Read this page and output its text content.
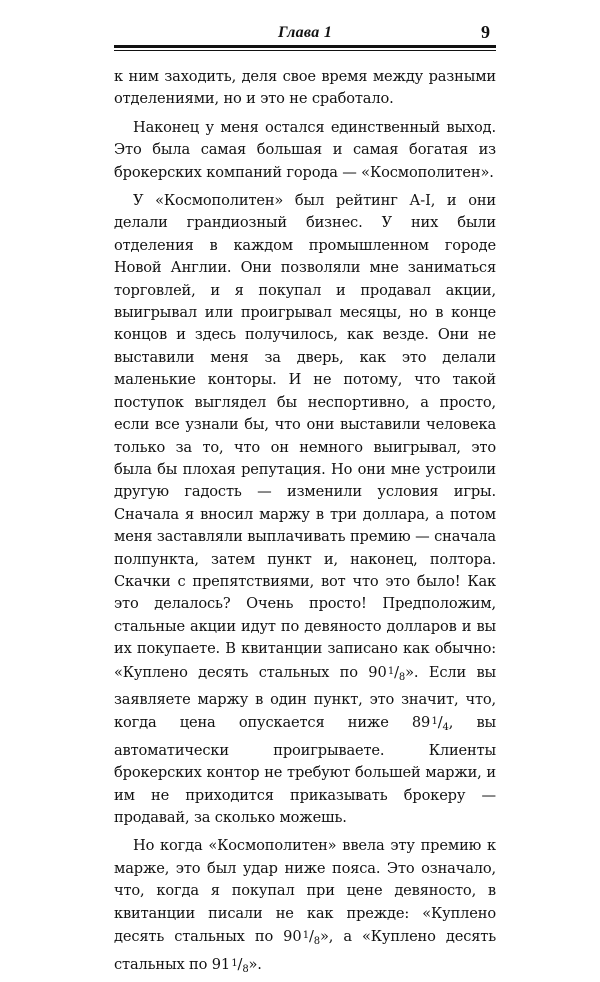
Глава 1	9

к ним заходить, деля свое время между разными отделениями, но и это не сработало.

Наконец у меня остался единственный выход. Это была самая большая и самая богатая из брокерских компаний города — «Космополитен».

У «Космополитен» был рейтинг А-I, и они делали грандиозный бизнес. У них были отделения в каждом промышленном городе Новой Англии. Они позволяли мне заниматься торговлей, и я покупал и продавал акции, выигрывал или проигрывал месяцы, но в конце концов и здесь получилось, как везде. Они не выставили меня за дверь, как это делали маленькие конторы. И не потому, что такой поступок выглядел бы неспортивно, а просто, если все узнали бы, что они выставили человека только за то, что он немного выигрывал, это была бы плохая репутация. Но они мне устроили другую гадость — изменили условия игры. Сначала я вносил маржу в три доллара, а потом меня заставляли выплачивать премию — сначала полпункта, затем пункт и, наконец, полтора. Скачки с препятствиями, вот что это было! Как это делалось? Очень просто! Предположим, стальные акции идут по девяносто долларов и вы их покупаете. В квитанции записано как обычно: «Куплено десять стальных по 90 $^1/_8$». Если вы заявляете маржу в один пункт, это значит, что, когда цена опускается ниже 89 $^1/_4$, вы автоматически проигрываете. Клиенты брокерских контор не требуют большей маржи, и им не приходится приказывать брокеру — продавай, за сколько можешь.

Но когда «Космополитен» ввела эту премию к марже, это был удар ниже пояса. Это означало, что, когда я покупал при цене девяносто, в квитанции писали не как прежде: «Куплено десять стальных по 90 $^1/_8$», а «Куплено десять стальных по 91 $^1/_8$».
